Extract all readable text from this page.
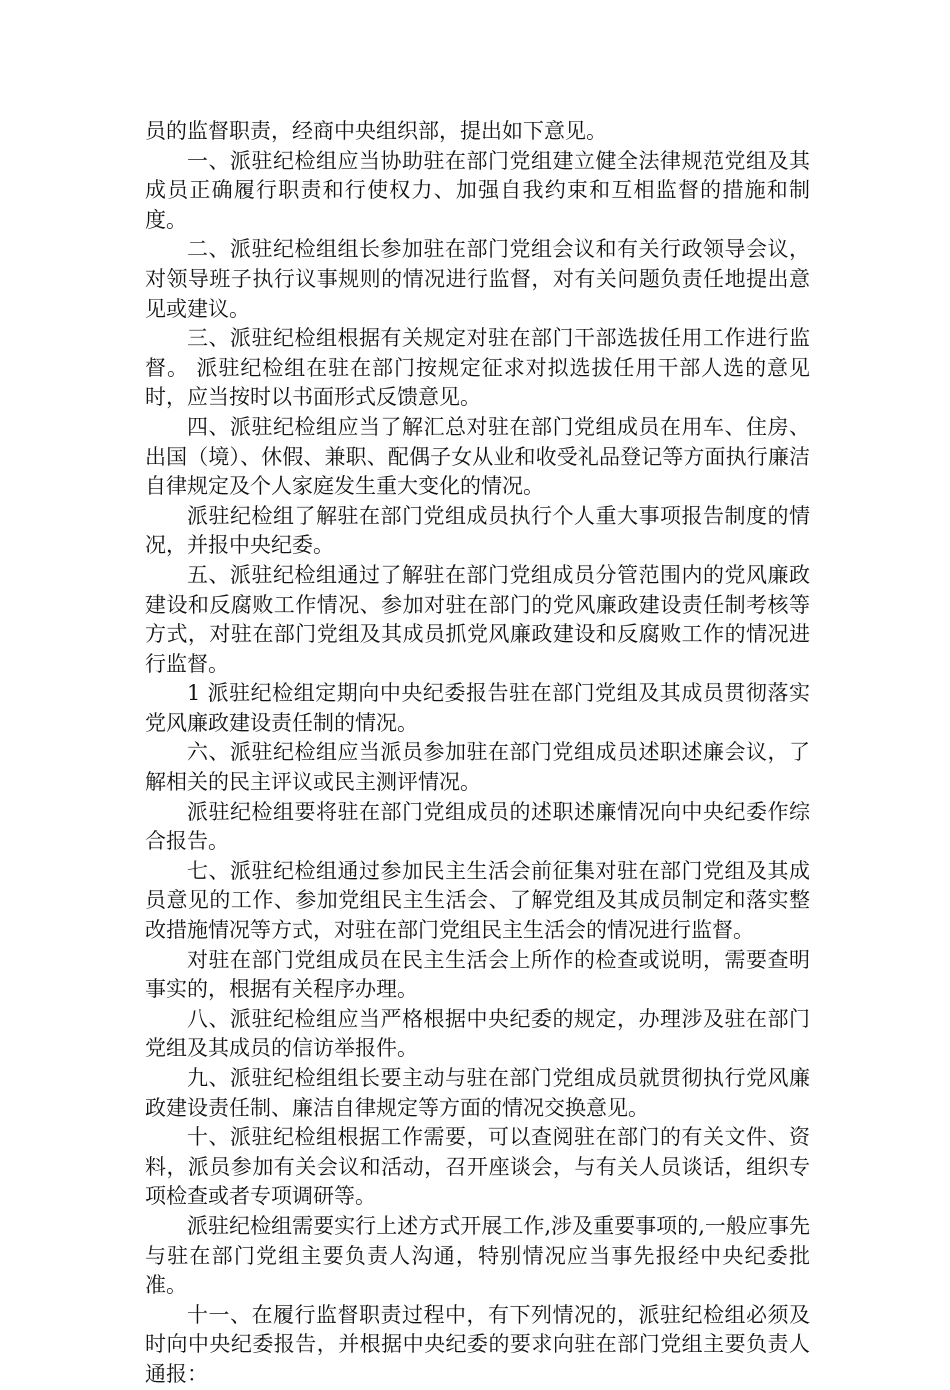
员的监督职责，经商中央组织部，提出如下意见。

一、派驻纪检组应当协助驻在部门党组建立健全法律规范党组及其成员正确履行职责和行使权力、加强自我约束和互相监督的措施和制度。

二、派驻纪检组组长参加驻在部门党组会议和有关行政领导会议，对领导班子执行议事规则的情况进行监督，对有关问题负责任地提出意见或建议。

三、派驻纪检组根据有关规定对驻在部门干部选拔任用工作进行监督。 派驻纪检组在驻在部门按规定征求对拟选拔任用干部人选的意见时，应当按时以书面形式反馈意见。

四、派驻纪检组应当了解汇总对驻在部门党组成员在用车、住房、出国（境）、休假、兼职、配偶子女从业和收受礼品登记等方面执行廉洁自律规定及个人家庭发生重大变化的情况。

派驻纪检组了解驻在部门党组成员执行个人重大事项报告制度的情况，并报中央纪委。

五、派驻纪检组通过了解驻在部门党组成员分管范围内的党风廉政建设和反腐败工作情况、参加对驻在部门的党风廉政建设责任制考核等方式，对驻在部门党组及其成员抓党风廉政建设和反腐败工作的情况进行监督。

1 派驻纪检组定期向中央纪委报告驻在部门党组及其成员贯彻落实党风廉政建设责任制的情况。

六、派驻纪检组应当派员参加驻在部门党组成员述职述廉会议，了解相关的民主评议或民主测评情况。

派驻纪检组要将驻在部门党组成员的述职述廉情况向中央纪委作综合报告。

七、派驻纪检组通过参加民主生活会前征集对驻在部门党组及其成员意见的工作、参加党组民主生活会、了解党组及其成员制定和落实整改措施情况等方式，对驻在部门党组民主生活会的情况进行监督。

对驻在部门党组成员在民主生活会上所作的检查或说明，需要查明事实的，根据有关程序办理。

八、派驻纪检组应当严格根据中央纪委的规定，办理涉及驻在部门党组及其成员的信访举报件。

九、派驻纪检组组长要主动与驻在部门党组成员就贯彻执行党风廉政建设责任制、廉洁自律规定等方面的情况交换意见。

十、派驻纪检组根据工作需要，可以查阅驻在部门的有关文件、资料，派员参加有关会议和活动，召开座谈会，与有关人员谈话，组织专项检查或者专项调研等。

派驻纪检组需要实行上述方式开展工作,涉及重要事项的,一般应事先与驻在部门党组主要负责人沟通，特别情况应当事先报经中央纪委批准。

十一、在履行监督职责过程中，有下列情况的，派驻纪检组必须及时向中央纪委报告，并根据中央纪委的要求向驻在部门党组主要负责人通报：
